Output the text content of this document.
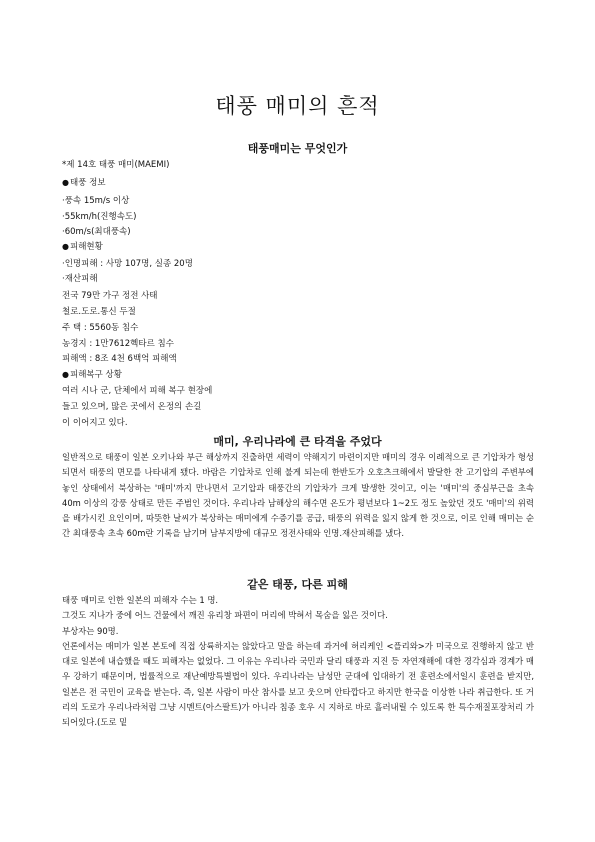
태풍 매미의 흔적
태풍매미는 무엇인가
*제 14호 태풍 매미(MAEMI)
● 태풍 정보
·풍속 15m/s 이상
·55km/h(진행속도)
·60m/s(최대풍속)
● 피해현황
·인명피해 : 사망 107명, 실종 20명
·재산피해
전국 79만 가구 정전 사태
철로.도로.통신 두절
주 택 : 5560동 침수
농경지 : 1만7612헥타르 침수
피해액 : 8조 4천 6백억 피해액
● 피해복구 상황
여러 시나 군, 단체에서 피해 복구 현장에
들고 있으며, 많은 곳에서 온정의 손길
이 이어지고 있다.
매미, 우리나라에 큰 타격을 주었다

일반적으로 태풍이 일본 오키나와 부근 해상까지 진출하면 세력이 약해지기 마련이지만 매미의 경우 이례적으로 큰 기압차가 형성되면서 태풍의 면모를 나타내게 됐다. 바람은 기압차로 인해 불게 되는데 한반도가 오호츠크해에서 발달한 찬 고기압의 주변부에 놓인 상태에서 북상하는 '매미'까지 만나면서 고기압과 태풍간의 기압차가 크게 발생한 것이고, 이는 '매미'의 중심부근을 초속 40m 이상의 강풍 상태로 만든 주범인 것이다. 우리나라 남해상의 해수면 온도가 평년보다 1~2도 정도 높았던 것도 '매미'의 위력을 배가시킨 요인이며, 따뜻한 날씨가 북상하는 매미에게 수증기를 공급, 태풍의 위력을 잃지 않게 한 것으로, 이로 인해 매미는 순간 최대풍속 초속 60m란 기록을 남기며 남부지방에 대규모 정전사태와 인명.재산피해를 냈다.

같은 태풍, 다른 피해

태풍 매미로 인한 일본의 피해자 수는 1 명.

그것도 지나가 중에 어느 건물에서 깨진 유리창 파편이 머리에 박혀서 목숨을 잃은 것이다.

부상자는 90명.

언론에서는 매미가 일본 본토에 직접 상륙하지는 않았다고 말을 하는데 과거에 허리케인 <플리와>가 미국으로 진행하지 않고 반대로 일본에 내습했을 때도 피해자는 없었다. 그 이유는 우리나라 국민과 달리 태풍과 지진 등 자연재해에 대한 경각심과 경계가 매우 강하기 때문이며, 법률적으로 재난예방특별법이 있다. 우리나라는 남성만 군대에 입대하기 전 훈련소에서일시 훈련을 받지만, 일본은 전 국민이 교육을 받는다. 즉, 일본 사람이 마산 참사를 보고 웃으며 안타깝다고 하지만 한국을 이상한 나라 취급한다. 또 거리의 도로가 우리나라처럼 그냥 시멘트(아스팔트)가 아니라 침종 호우 시 지하로 바로 흘러내릴 수 있도록 한 특수재질포장처리 가 되어있다.(도로 밑
